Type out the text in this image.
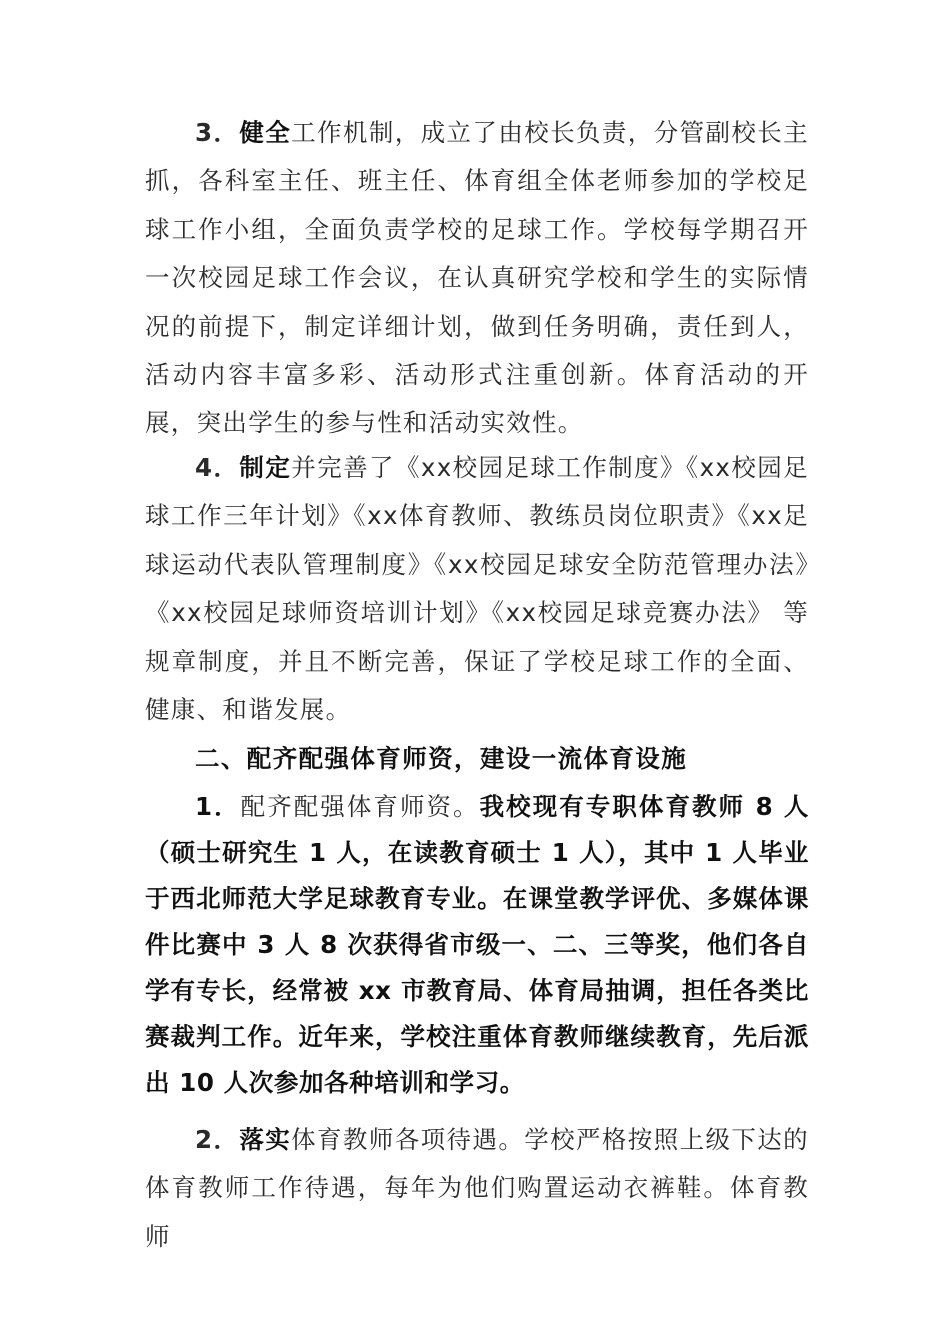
3．健全工作机制，成立了由校长负责，分管副校长主抓，各科室主任、班主任、体育组全体老师参加的学校足球工作小组，全面负责学校的足球工作。学校每学期召开一次校园足球工作会议，在认真研究学校和学生的实际情况的前提下，制定详细计划，做到任务明确，责任到人，活动内容丰富多彩、活动形式注重创新。体育活动的开展，突出学生的参与性和活动实效性。

4．制定并完善了《xx校园足球工作制度》《xx校园足球工作三年计划》《xx体育教师、教练员岗位职责》《xx足球运动代表队管理制度》《xx校园足球安全防范管理办法》《xx校园足球师资培训计划》《xx校园足球竞赛办法》 等规章制度，并且不断完善，保证了学校足球工作的全面、健康、和谐发展。

二、配齐配强体育师资，建设一流体育设施

1．配齐配强体育师资。我校现有专职体育教师 8 人（硕士研究生 1 人，在读教育硕士 1 人），其中 1 人毕业于西北师范大学足球教育专业。在课堂教学评优、多媒体课件比赛中 3 人 8 次获得省市级一、二、三等奖，他们各自学有专长，经常被 xx 市教育局、体育局抽调，担任各类比赛裁判工作。近年来，学校注重体育教师继续教育，先后派出 10 人次参加各种培训和学习。

2．落实体育教师各项待遇。学校严格按照上级下达的体育教师工作待遇，每年为他们购置运动衣裤鞋。体育教师
